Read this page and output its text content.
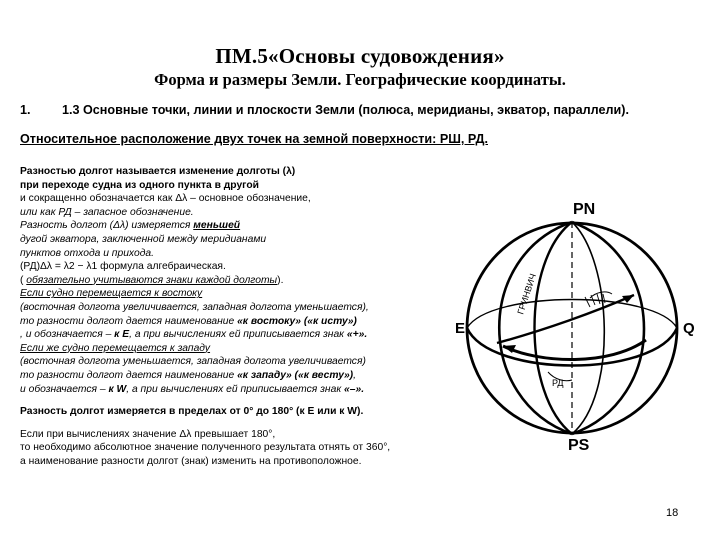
ПМ.5«Основы судовождения»
Форма и размеры Земли. Географические координаты.
1. 1.3 Основные точки, линии и плоскости Земли (полюса, меридианы, экватор, параллели).
Относительное расположение двух точек на земной поверхности: РШ, РД.
Разностью долгот называется изменение долготы (λ)
при переходе судна из одного пункта в другой
и сокращенно обозначается как Δλ – основное обозначение,
или как РД – запасное обозначение.
Разность долгот (Δλ) измеряется меньшей
дугой экватора, заключенной между меридианами
пунктов отхода и прихода.
(РД)Δλ = λ2 − λ1 формула алгебраическая.
( обязательно учитываются знаки каждой долготы).
Если судно перемещается к востоку
(восточная долгота увеличивается, западная долгота уменьшается),
то разности долгот дается наименование «к востоку» («к исту»)
, и обозначается – к Е, а при вычислениях ей приписывается знак «+».
Если же судно перемещается к западу
(восточная долгота уменьшается, западная долгота увеличивается)
то разности долгот дается наименование «к западу» («к весту»),
и обозначается – к W, а при вычислениях ей приписывается знак «–».
Разность долгот измеряется в пределах от 0° до 180° (к E или к W).
Если при вычислениях значение Δλ превышает 180°,
то необходимо абсолютное значение полученного результата отнять от 360°,
а наименование разности долгот (знак) изменить на противоположное.
PN
PS
E	Q
ГРИНВИЧ
РД
18
